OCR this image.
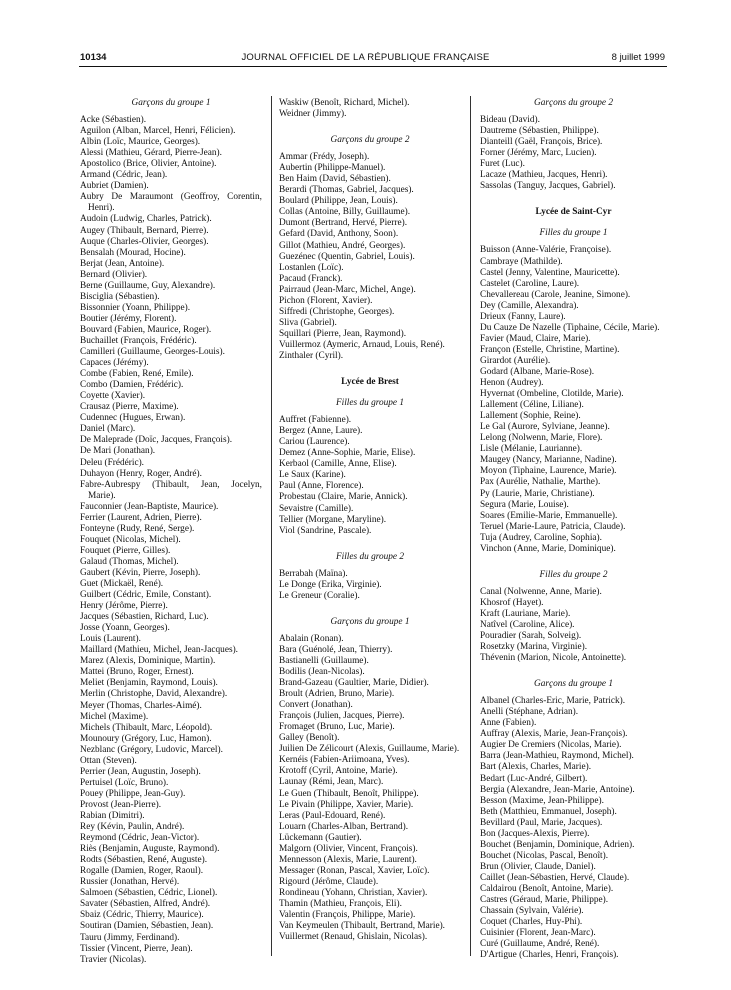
10134	JOURNAL OFFICIEL DE LA RÉPUBLIQUE FRANÇAISE	8 juillet 1999
Garçons du groupe 1
Acke (Sébastien).
Aguilon (Alban, Marcel, Henri, Félicien).
Albin (Loïc, Maurice, Georges).
Alessi (Mathieu, Gérard, Pierre-Jean).
Apostolico (Brice, Olivier, Antoine).
Armand (Cédric, Jean).
Aubriet (Damien).
Aubry De Maraumont (Geoffroy, Corentin, Henri).
Audoin (Ludwig, Charles, Patrick).
Augey (Thibault, Bernard, Pierre).
Auque (Charles-Olivier, Georges).
Bensalah (Mourad, Hocine).
Berjat (Jean, Antoine).
Bernard (Olivier).
Berne (Guillaume, Guy, Alexandre).
Bisciglia (Sébastien).
Bissonnier (Yoann, Philippe).
Boutier (Jérémy, Florent).
Bouvard (Fabien, Maurice, Roger).
Buchaillet (François, Frédéric).
Camilleri (Guillaume, Georges-Louis).
Capaces (Jérémy).
Combe (Fabien, René, Emile).
Combo (Damien, Frédéric).
Coyette (Xavier).
Crausaz (Pierre, Maxime).
Cudennec (Hugues, Erwan).
Daniel (Marc).
De Maleprade (Doïc, Jacques, François).
De Mari (Jonathan).
Deleu (Frédéric).
Duhayon (Henry, Roger, André).
Fabre-Aubrespy (Thibault, Jean, Jocelyn, Marie).
Fauconnier (Jean-Baptiste, Maurice).
Ferrier (Laurent, Adrien, Pierre).
Fonteyne (Rudy, René, Serge).
Fouquet (Nicolas, Michel).
Fouquet (Pierre, Gilles).
Galaud (Thomas, Michel).
Gaubert (Kévin, Pierre, Joseph).
Guet (Mickaël, René).
Guilbert (Cédric, Emile, Constant).
Henry (Jérôme, Pierre).
Jacques (Sébastien, Richard, Luc).
Josse (Yoann, Georges).
Louis (Laurent).
Maillard (Mathieu, Michel, Jean-Jacques).
Marez (Alexis, Dominique, Martin).
Mattei (Bruno, Roger, Ernest).
Meliet (Benjamin, Raymond, Louis).
Merlin (Christophe, David, Alexandre).
Meyer (Thomas, Charles-Aimé).
Michel (Maxime).
Michels (Thibault, Marc, Léopold).
Mounoury (Grégory, Luc, Hamon).
Nezblanc (Grégory, Ludovic, Marcel).
Ottan (Steven).
Perrier (Jean, Augustin, Joseph).
Pertuisel (Loïc, Bruno).
Pouey (Philippe, Jean-Guy).
Provost (Jean-Pierre).
Rabian (Dimitri).
Rey (Kévin, Paulin, André).
Reymond (Cédric, Jean-Victor).
Riès (Benjamin, Auguste, Raymond).
Rodts (Sébastien, René, Auguste).
Rogalle (Damien, Roger, Raoul).
Russier (Jonathan, Hervé).
Salmoen (Sébastien, Cédric, Lionel).
Savater (Sébastien, Alfred, André).
Sbaiz (Cédric, Thierry, Maurice).
Soutiran (Damien, Sébastien, Jean).
Tauru (Jimmy, Ferdinand).
Tissier (Vincent, Pierre, Jean).
Travier (Nicolas).
Waskiw (Benoît, Richard, Michel).
Weidner (Jimmy).
Garçons du groupe 2
Ammar (Frédy, Joseph).
Aubertin (Philippe-Manuel).
Ben Haim (David, Sébastien).
Berardi (Thomas, Gabriel, Jacques).
Boulard (Philippe, Jean, Louis).
Collas (Antoine, Billy, Guillaume).
Dumont (Bertrand, Hervé, Pierre).
Gefard (David, Anthony, Soon).
Gillot (Mathieu, André, Georges).
Guezénec (Quentin, Gabriel, Louis).
Lostanlen (Loïc).
Pacaud (Franck).
Pairraud (Jean-Marc, Michel, Ange).
Pichon (Florent, Xavier).
Siffredi (Christophe, Georges).
Sliva (Gabriel).
Squillari (Pierre, Jean, Raymond).
Vuillermoz (Aymeric, Arnaud, Louis, René).
Zinthaler (Cyril).
Lycée de Brest
Filles du groupe 1
Auffret (Fabienne).
Bergez (Anne, Laure).
Cariou (Laurence).
Demez (Anne-Sophie, Marie, Elise).
Kerbaol (Camille, Anne, Elise).
Le Saux (Karine).
Paul (Anne, Florence).
Probestau (Claire, Marie, Annick).
Sevaistre (Camille).
Tellier (Morgane, Maryline).
Viol (Sandrine, Pascale).
Filles du groupe 2
Berrabah (Maïna).
Le Donge (Erika, Virginie).
Le Greneur (Coralie).
Garçons du groupe 1
Abalain (Ronan).
Bara (Guénolé, Jean, Thierry).
Bastianelli (Guillaume).
Bodilis (Jean-Nicolas).
Brand-Gazeau (Gaultier, Marie, Didier).
Broult (Adrien, Bruno, Marie).
Convert (Jonathan).
François (Julien, Jacques, Pierre).
Fromaget (Bruno, Luc, Marie).
Galley (Benoît).
Juilien De Zélicourt (Alexis, Guillaume, Marie).
Kernéis (Fabien-Ariimoana, Yves).
Krotoff (Cyril, Antoine, Marie).
Launay (Rémi, Jean, Marc).
Le Guen (Thibault, Benoît, Philippe).
Le Pivain (Philippe, Xavier, Marie).
Leras (Paul-Edouard, René).
Louarn (Charles-Alban, Bertrand).
Lückemann (Gautier).
Malgorn (Olivier, Vincent, François).
Mennesson (Alexis, Marie, Laurent).
Messager (Ronan, Pascal, Xavier, Loïc).
Rigourd (Jérôme, Claude).
Rondineau (Yohann, Christian, Xavier).
Thamin (Mathieu, François, Eli).
Valentin (François, Philippe, Marie).
Van Keymeulen (Thibault, Bertrand, Marie).
Vuillermet (Renaud, Ghislain, Nicolas).
Garçons du groupe 2
Bideau (David).
Dautreme (Sébastien, Philippe).
Dianteill (Gaël, François, Brice).
Forner (Jérémy, Marc, Lucien).
Furet (Luc).
Lacaze (Mathieu, Jacques, Henri).
Sassolas (Tanguy, Jacques, Gabriel).
Lycée de Saint-Cyr
Filles du groupe 1
Buisson (Anne-Valérie, Françoise).
Cambraye (Mathilde).
Castel (Jenny, Valentine, Mauricette).
Castelet (Caroline, Laure).
Chevallereau (Carole, Jeanine, Simone).
Dey (Camille, Alexandra).
Drieux (Fanny, Laure).
Du Cauze De Nazelle (Tiphaine, Cécile, Marie).
Favier (Maud, Claire, Marie).
Françon (Estelle, Christine, Martine).
Girardot (Aurélie).
Godard (Albane, Marie-Rose).
Henon (Audrey).
Hyvernat (Ombeline, Clotilde, Marie).
Lallement (Céline, Liliane).
Lallement (Sophie, Reine).
Le Gal (Aurore, Sylviane, Jeanne).
Lelong (Nolwenn, Marie, Flore).
Lisle (Mélanie, Laurianne).
Maugey (Nancy, Marianne, Nadine).
Moyon (Tiphaine, Laurence, Marie).
Pax (Aurélie, Nathalie, Marthe).
Py (Laurie, Marie, Christiane).
Segura (Marie, Louise).
Soares (Emilie-Marie, Emmanuelle).
Teruel (Marie-Laure, Patricia, Claude).
Tuja (Audrey, Caroline, Sophia).
Vinchon (Anne, Marie, Dominique).
Filles du groupe 2
Canal (Nolwenne, Anne, Marie).
Khosrof (Hayet).
Kraft (Lauriane, Marie).
Natîvel (Caroline, Alice).
Pouradier (Sarah, Solveig).
Rosetzky (Marina, Virginie).
Thévenin (Marion, Nicole, Antoinette).
Garçons du groupe 1
Albanel (Charles-Eric, Marie, Patrick).
Anelli (Stéphane, Adrian).
Anne (Fabien).
Auffray (Alexis, Marie, Jean-François).
Augier De Cremiers (Nicolas, Marie).
Barra (Jean-Mathieu, Raymond, Michel).
Bart (Alexis, Charles, Marie).
Bedart (Luc-André, Gilbert).
Bergia (Alexandre, Jean-Marie, Antoine).
Besson (Maxime, Jean-Philippe).
Beth (Matthieu, Emmanuel, Joseph).
Bevillard (Paul, Marie, Jacques).
Bon (Jacques-Alexis, Pierre).
Bouchet (Benjamin, Dominique, Adrien).
Bouchet (Nicolas, Pascal, Benoît).
Brun (Olivier, Claude, Daniel).
Caillet (Jean-Sébastien, Hervé, Claude).
Caldairou (Benoît, Antoine, Marie).
Castres (Géraud, Marie, Philippe).
Chassain (Sylvain, Valérie).
Coquet (Charles, Huy-Phi).
Cuisinier (Florent, Jean-Marc).
Curé (Guillaume, André, René).
D'Artigue (Charles, Henri, François).
